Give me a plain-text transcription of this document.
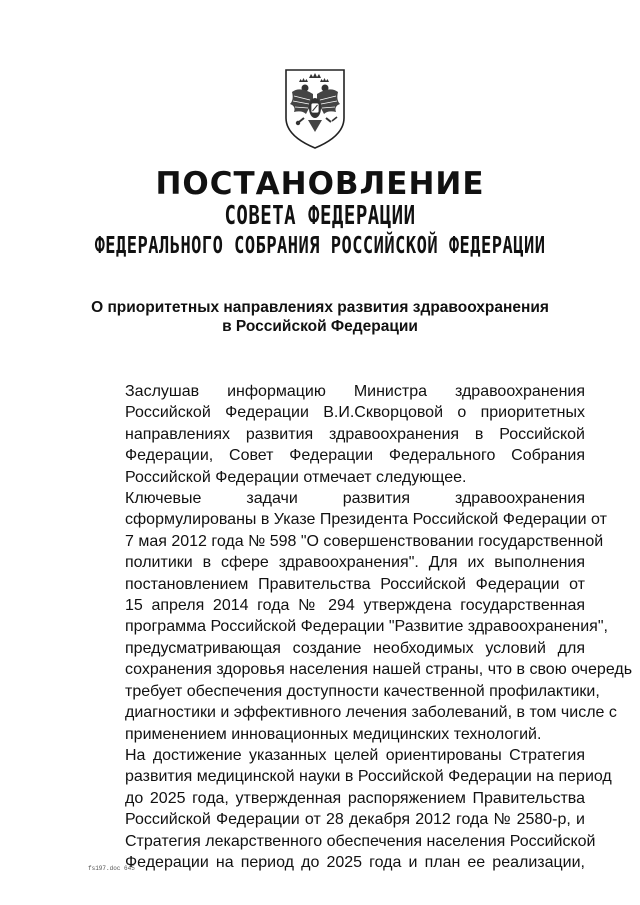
ПОСТАНОВЛЕНИЕ
СОВЕТА ФЕДЕРАЦИИ
ФЕДЕРАЛЬНОГО СОБРАНИЯ РОССИЙСКОЙ ФЕДЕРАЦИИ
О приоритетных направлениях развития здравоохранения
в Российской Федерации

Заслушав информацию Министра здравоохранения
Российской Федерации В.И.Скворцовой о приоритетных
направлениях развития здравоохранения в Российской
Федерации, Совет Федерации Федерального Собрания
Российской Федерации отмечает следующее.

Ключевые задачи развития здравоохранения
сформулированы в Указе Президента Российской Федерации от
7 мая 2012 года № 598 "О совершенствовании государственной
политики в сфере здравоохранения". Для их выполнения
постановлением Правительства Российской Федерации от
15 апреля 2014 года № 294 утверждена государственная
программа Российской Федерации "Развитие здравоохранения",
предусматривающая создание необходимых условий для
сохранения здоровья населения нашей страны, что в свою очередь
требует обеспечения доступности качественной профилактики,
диагностики и эффективного лечения заболеваний, в том числе с
применением инновационных медицинских технологий.

На достижение указанных целей ориентированы Стратегия
развития медицинской науки в Российской Федерации на период
до 2025 года, утвержденная распоряжением Правительства
Российской Федерации от 28 декабря 2012 года № 2580-р, и
Стратегия лекарственного обеспечения населения Российской
Федерации на период до 2025 года и план ее реализации,

fs197.doc 645
